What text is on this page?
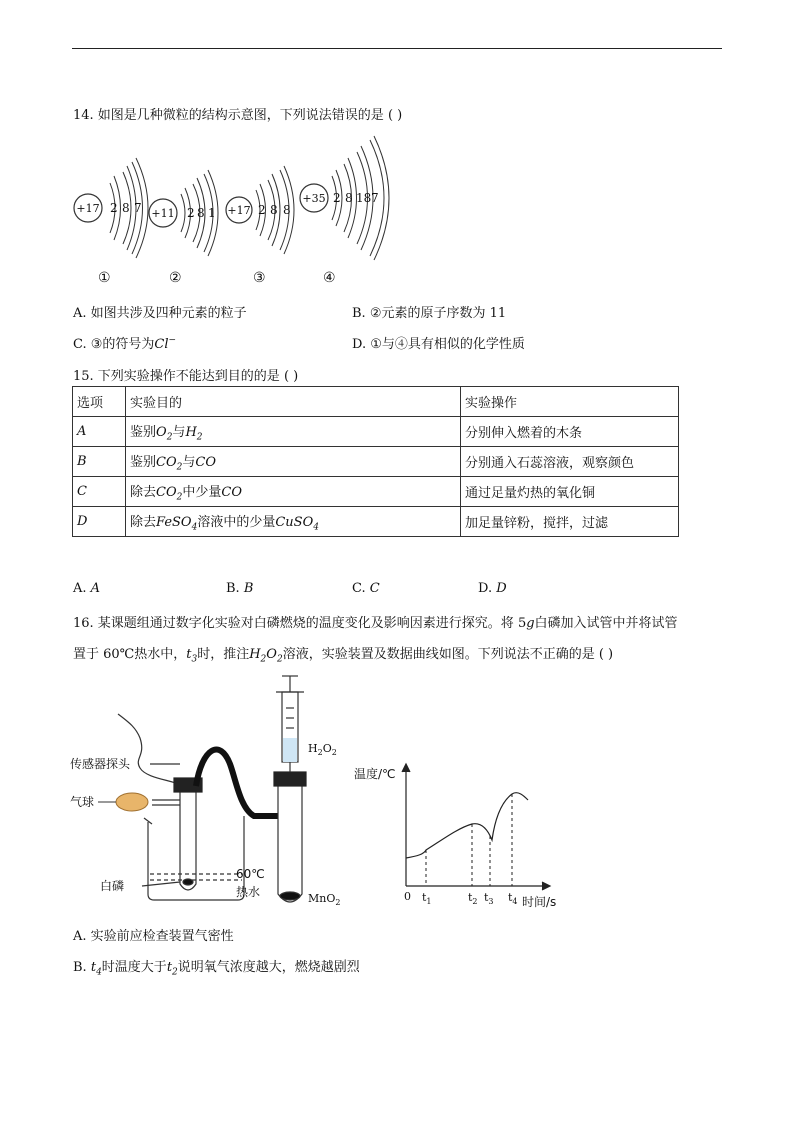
14. 如图是几种微粒的结构示意图，下列说法错误的是 ( )
+17 2 8 7 +11 2 8 1 +17 2 8 8
+35 2 8 18 7
①	②	③	④
A. 如图共涉及四种元素的粒子	B. ②元素的原子序数为 11
C. ③的符号为Cl−	D. ①与④具有相似的化学性质
15. 下列实验操作不能达到目的的是 ( )
选项	实验目的	实验操作
A	鉴别$O_2$与$H_2$	分别伸入燃着的木条
B	鉴别$CO_2$与CO	分别通入石蕊溶液，观察颜色
C	除去$CO_2$中少量CO	通过足量灼热的氧化铜
D	除去FeSO$_4$溶液中的少量CuSO$_4$	加足量锌粉，搅拌，过滤
A. A	B. B	C. C	D. D
16. 某课题组通过数字化实验对白磷燃烧的温度变化及影响因素进行探究。将 5g白磷加入试管中并将试管
置于 60℃热水中，$t_3$时，推注$H_2O_2$溶液，实验装置及数据曲线如图。下列说法不正确的是 ( )
传感器探头
气球
白磷
60℃
热水
$H_2O_2$
MnO$_2$
温度/℃
时间/s
0 $t_1$	$t_2$ $t_3$ $t_4$
A. 实验前应检查装置气密性
B. $t_4$时温度大于$t_2$说明氧气浓度越大，燃烧越剧烈
